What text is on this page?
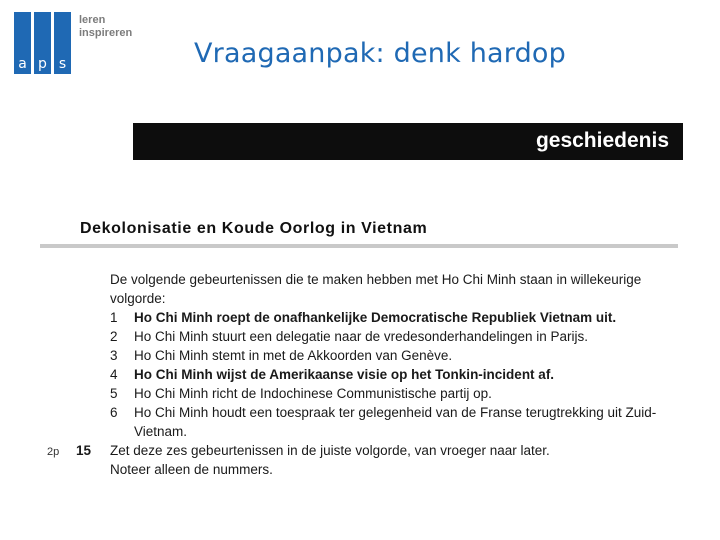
a p s
leren
inspireren
Vraagaanpak: denk hardop
geschiedenis
Dekolonisatie en Koude Oorlog in Vietnam
De volgende gebeurtenissen die te maken hebben met Ho Chi Minh staan in willekeurige volgorde:
1 Ho Chi Minh roept de onafhankelijke Democratische Republiek Vietnam uit.
2 Ho Chi Minh stuurt een delegatie naar de vredesonderhandelingen in Parijs.
3 Ho Chi Minh stemt in met de Akkoorden van Genève.
4 Ho Chi Minh wijst de Amerikaanse visie op het Tonkin-incident af.
5 Ho Chi Minh richt de Indochinese Communistische partij op.
6 Ho Chi Minh houdt een toespraak ter gelegenheid van de Franse terugtrekking uit Zuid-Vietnam.
2p 15 Zet deze zes gebeurtenissen in de juiste volgorde, van vroeger naar later.
Noteer alleen de nummers.
